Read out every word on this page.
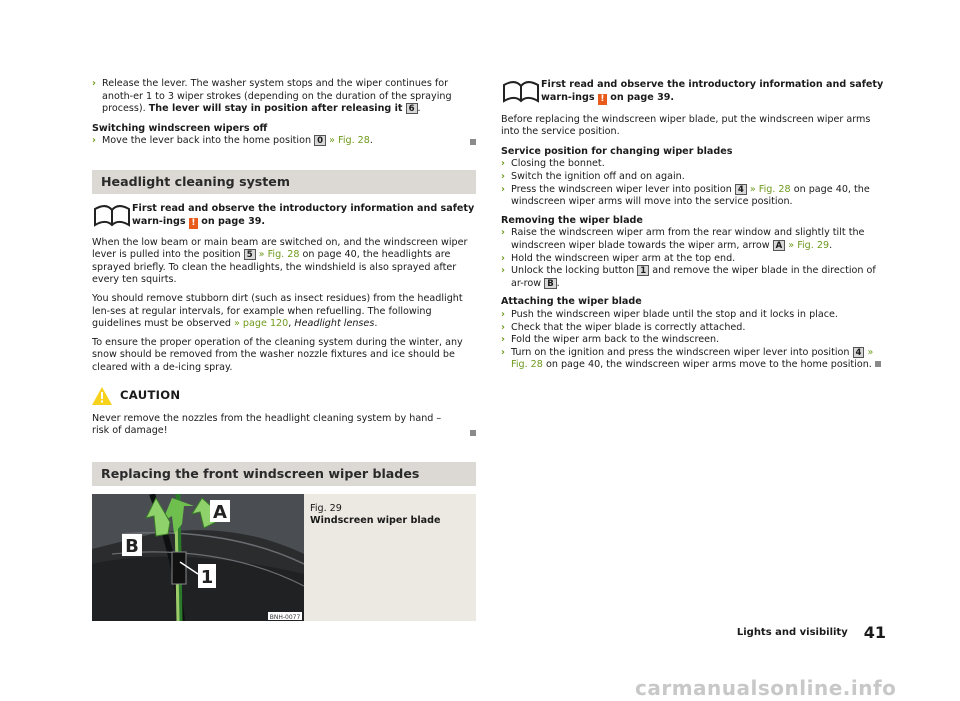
› Release the lever. The washer system stops and the wiper continues for anoth-er 1 to 3 wiper strokes (depending on the duration of the spraying process). The lever will stay in position after releasing it 6 .
Switching windscreen wipers off
› Move the lever back into the home position 0 » Fig. 28.
Headlight cleaning system
First read and observe the introductory information and safety warn-ings ! on page 39.

When the low beam or main beam are switched on, and the windscreen wiper lever is pulled into the position 5 » Fig. 28 on page 40, the headlights are sprayed briefly. To clean the headlights, the windshield is also sprayed after every ten squirts.

You should remove stubborn dirt (such as insect residues) from the headlight len-ses at regular intervals, for example when refuelling. The following guidelines must be observed » page 120, Headlight lenses.

To ensure the proper operation of the cleaning system during the winter, any snow should be removed from the washer nozzle fixtures and ice should be cleared with a de-icing spray.

CAUTION

Never remove the nozzles from the headlight cleaning system by hand – risk of damage!

Replacing the front windscreen wiper blades
A
B
1
BNH-0077
Fig. 29
Windscreen wiper blade
First read and observe the introductory information and safety warn-ings ! on page 39.

Before replacing the windscreen wiper blade, put the windscreen wiper arms into the service position.

Service position for changing wiper blades
› Closing the bonnet.
› Switch the ignition off and on again.
› Press the windscreen wiper lever into position 4 » Fig. 28 on page 40, the windscreen wiper arms will move into the service position.
Removing the wiper blade
› Raise the windscreen wiper arm from the rear window and slightly tilt the windscreen wiper blade towards the wiper arm, arrow A » Fig. 29.
› Hold the windscreen wiper arm at the top end.
› Unlock the locking button 1 and remove the wiper blade in the direction of ar-row B .
Attaching the wiper blade
› Push the windscreen wiper blade until the stop and it locks in place.
› Check that the wiper blade is correctly attached.
› Fold the wiper arm back to the windscreen.
› Turn on the ignition and press the windscreen wiper lever into position 4 » Fig. 28 on page 40, the windscreen wiper arms move to the home position.
Lights and visibility 41
carmanualsonline.info
